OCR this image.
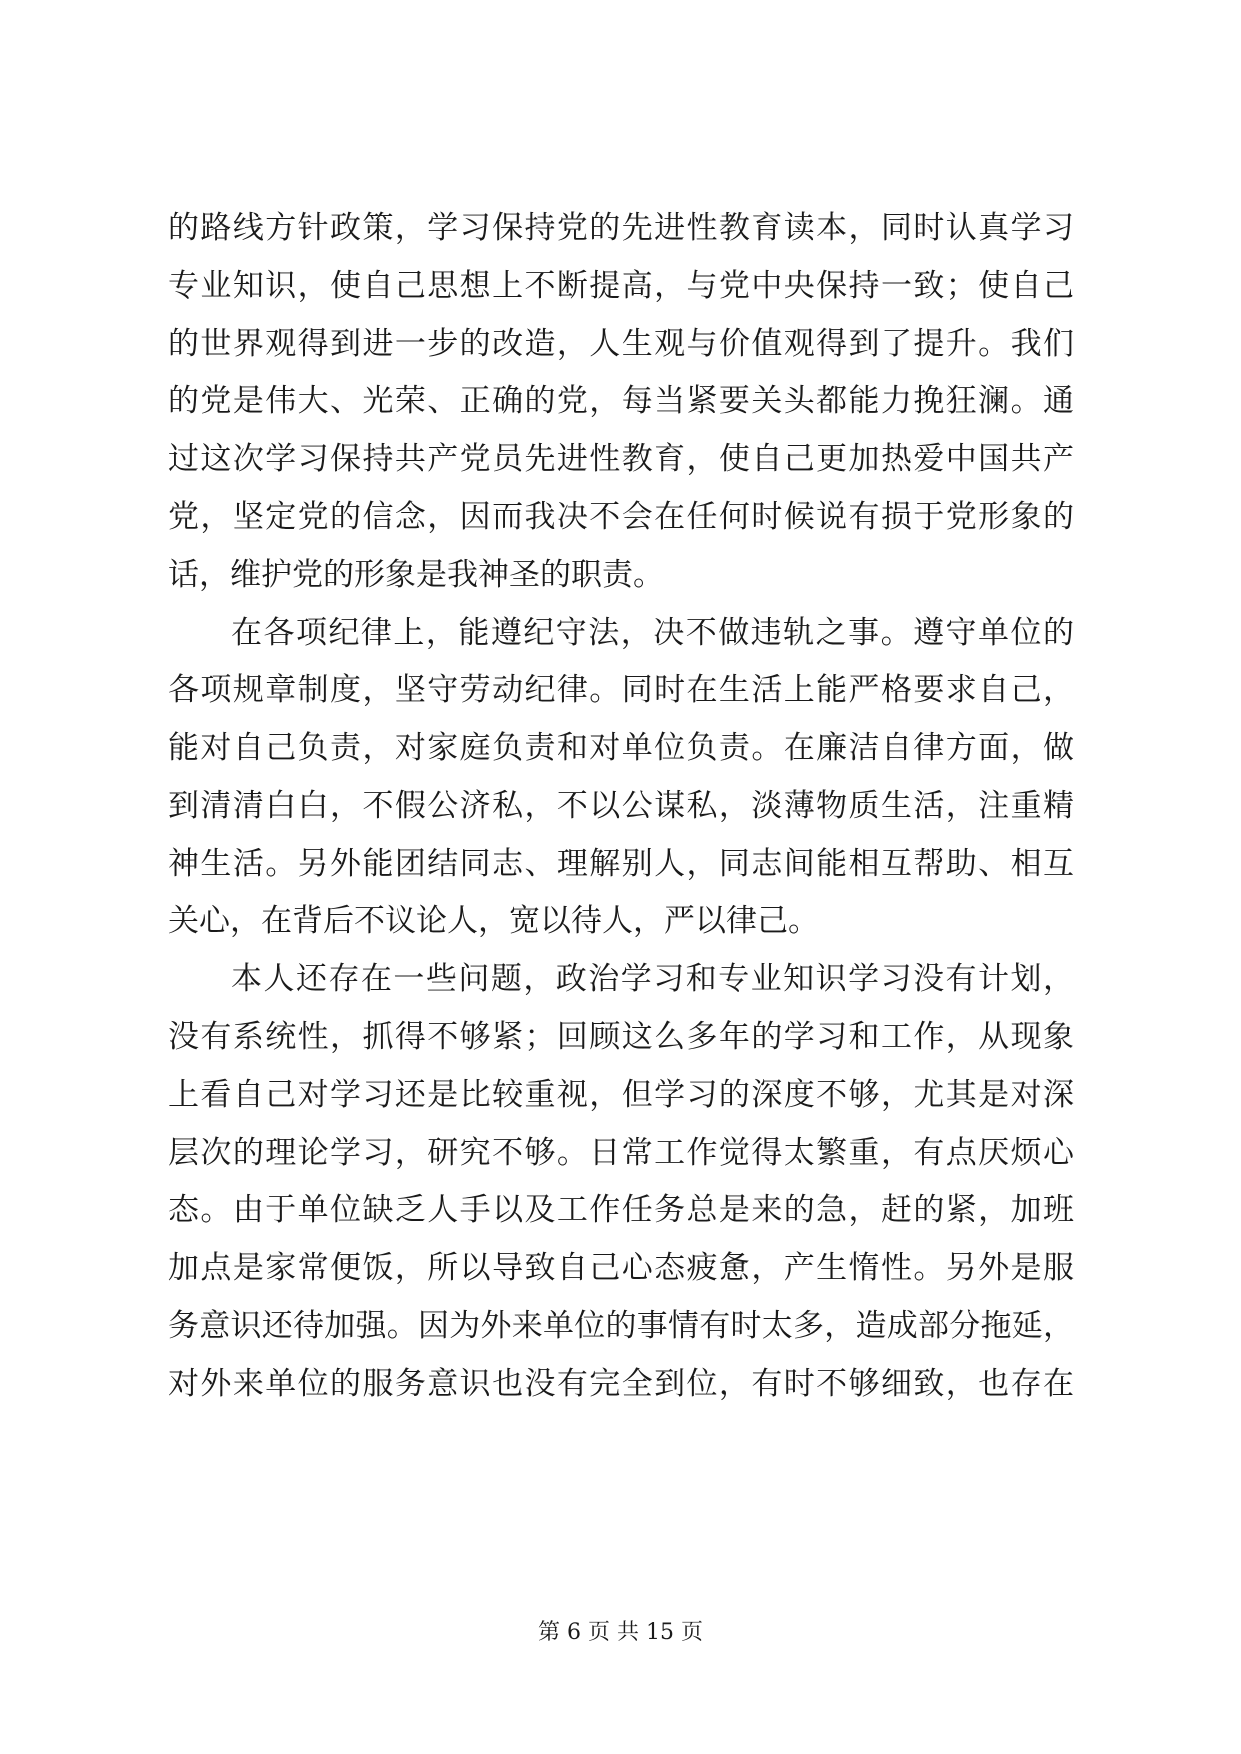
的路线方针政策，学习保持党的先进性教育读本，同时认真学习
专业知识，使自己思想上不断提高，与党中央保持一致；使自己
的世界观得到进一步的改造，人生观与价值观得到了提升。我们
的党是伟大、光荣、正确的党，每当紧要关头都能力挽狂澜。通
过这次学习保持共产党员先进性教育，使自己更加热爱中国共产
党，坚定党的信念，因而我决不会在任何时候说有损于党形象的
话，维护党的形象是我神圣的职责。
在各项纪律上，能遵纪守法，决不做违轨之事。遵守单位的
各项规章制度，坚守劳动纪律。同时在生活上能严格要求自己，
能对自己负责，对家庭负责和对单位负责。在廉洁自律方面，做
到清清白白，不假公济私，不以公谋私，淡薄物质生活，注重精
神生活。另外能团结同志、理解别人，同志间能相互帮助、相互
关心，在背后不议论人，宽以待人，严以律己。
本人还存在一些问题，政治学习和专业知识学习没有计划，
没有系统性，抓得不够紧；回顾这么多年的学习和工作，从现象
上看自己对学习还是比较重视，但学习的深度不够，尤其是对深
层次的理论学习，研究不够。日常工作觉得太繁重，有点厌烦心
态。由于单位缺乏人手以及工作任务总是来的急，赶的紧，加班
加点是家常便饭，所以导致自己心态疲惫，产生惰性。另外是服
务意识还待加强。因为外来单位的事情有时太多，造成部分拖延，
对外来单位的服务意识也没有完全到位，有时不够细致，也存在
第 6 页 共 15 页
